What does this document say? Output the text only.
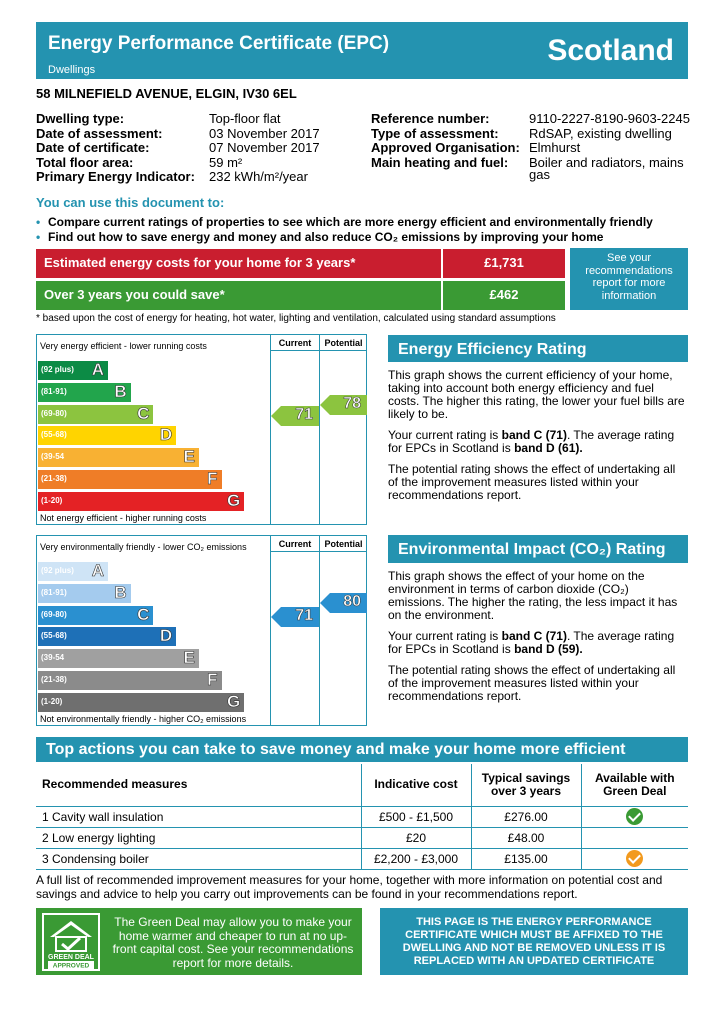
Energy Performance Certificate (EPC)
Dwellings
Scotland
58 MILNEFIELD AVENUE, ELGIN, IV30 6EL
Dwelling type:	Top-floor flat
Date of assessment:	03 November 2017
Date of certificate:	07 November 2017
Total floor area:	59 m²
Primary Energy Indicator: 232 kWh/m²/year
Reference number:	9110-2227-8190-9603-2245
Type of assessment: RdSAP, existing dwelling
Approved Organisation: Elmhurst
Main heating and fuel: Boiler and radiators, mains
gas
You can use this document to:
• Compare current ratings of properties to see which are more energy efficient and environmentally friendly
• Find out how to save energy and money and also reduce CO₂ emissions by improving your home
Estimated energy costs for your home for 3 years*	£1,731
Over 3 years you could save*	£462
See your recommendations report for more information
* based upon the cost of energy for heating, hot water, lighting and ventilation, calculated using standard assumptions
Very energy efficient - lower running costs
Not energy efficient - higher running costs
Current	Potential
(92 plus) A
(81-91)	B
(69-80)	C
(55-68)	D
(39-54	E
(21-38)	F
(1-20)	G
71
78
Very environmentally friendly - lower CO₂ emissions
Not environmentally friendly - higher CO₂ emissions
Current	Potential
(92 plus) A
(81-91)	B
(69-80)	C
(55-68)	D
(39-54	E
(21-38)	F
(1-20)	G
71
80
Energy Efficiency Rating

This graph shows the current efficiency of your home, taking into account both energy efficiency and fuel costs. The higher this rating, the lower your fuel bills are likely to be.

Your current rating is band C (71). The average rating for EPCs in Scotland is band D (61).

The potential rating shows the effect of undertaking all of the improvement measures listed within your recommendations report.

Environmental Impact (CO₂) Rating

This graph shows the effect of your home on the environment in terms of carbon dioxide (CO₂) emissions. The higher the rating, the less impact it has on the environment.

Your current rating is band C (71). The average rating for EPCs in Scotland is band D (59).

The potential rating shows the effect of undertaking all of the improvement measures listed within your recommendations report.

Top actions you can take to save money and make your home more efficient
Recommended measures	Indicative cost	Typical savings over 3 years	Available with Green Deal
1 Cavity wall insulation	£500 - £1,500	£276.00	
2 Low energy lighting	£20	£48.00	
3 Condensing boiler	£2,200 - £3,000	£135.00	
A full list of recommended improvement measures for your home, together with more information on potential cost and savings and advice to help you carry out improvements can be found in your recommendations report.
GREEN DEAL
APPROVED
The Green Deal may allow you to make your home warmer and cheaper to run at no up-front capital cost. See your recommendations report for more details.
THIS PAGE IS THE ENERGY PERFORMANCE CERTIFICATE WHICH MUST BE AFFIXED TO THE DWELLING AND NOT BE REMOVED UNLESS IT IS REPLACED WITH AN UPDATED CERTIFICATE
